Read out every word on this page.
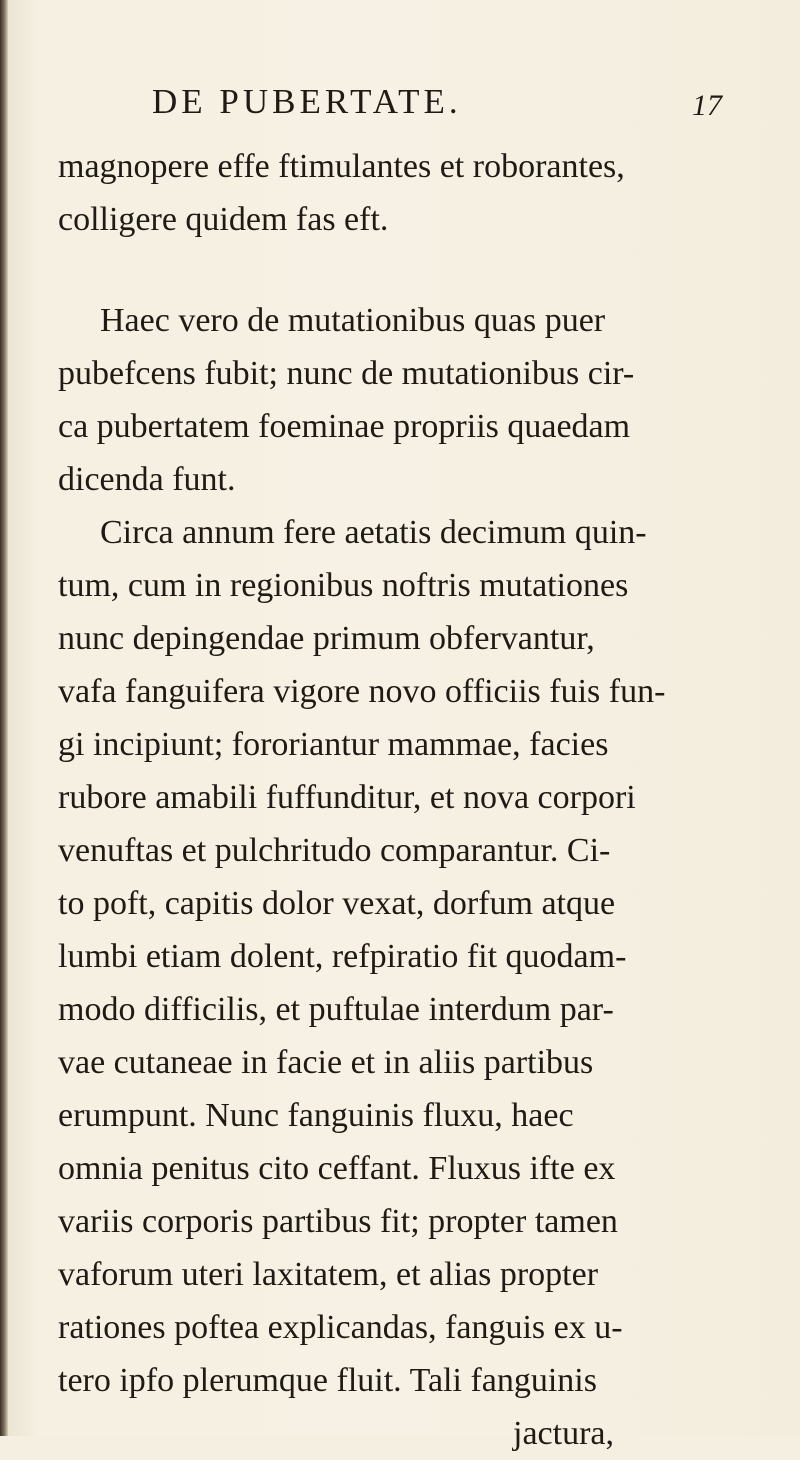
DE PUBERTATE.	17
magnopere effe ftimulantes et roborantes,
colligere quidem fas eft.
Haec vero de mutationibus quas puer
pubefcens fubit; nunc de mutationibus cir-
ca pubertatem foeminae propriis quaedam
dicenda funt.
Circa annum fere aetatis decimum quin-
tum, cum in regionibus noftris mutationes
nunc depingendae primum obfervantur,
vafa fanguifera vigore novo officiis fuis fun-
gi incipiunt; fororiantur mammae, facies
rubore amabili fuffunditur, et nova corpori
venuftas et pulchritudo comparantur. Ci-
to poft, capitis dolor vexat, dorfum atque
lumbi etiam dolent, refpiratio fit quodam-
modo difficilis, et puftulae interdum par-
vae cutaneae in facie et in aliis partibus
erumpunt. Nunc fanguinis fluxu, haec
omnia penitus cito ceffant. Fluxus ifte ex
variis corporis partibus fit; propter tamen
vaforum uteri laxitatem, et alias propter
rationes poftea explicandas, fanguis ex u-
tero ipfo plerumque fluit. Tali fanguinis
jactura,
